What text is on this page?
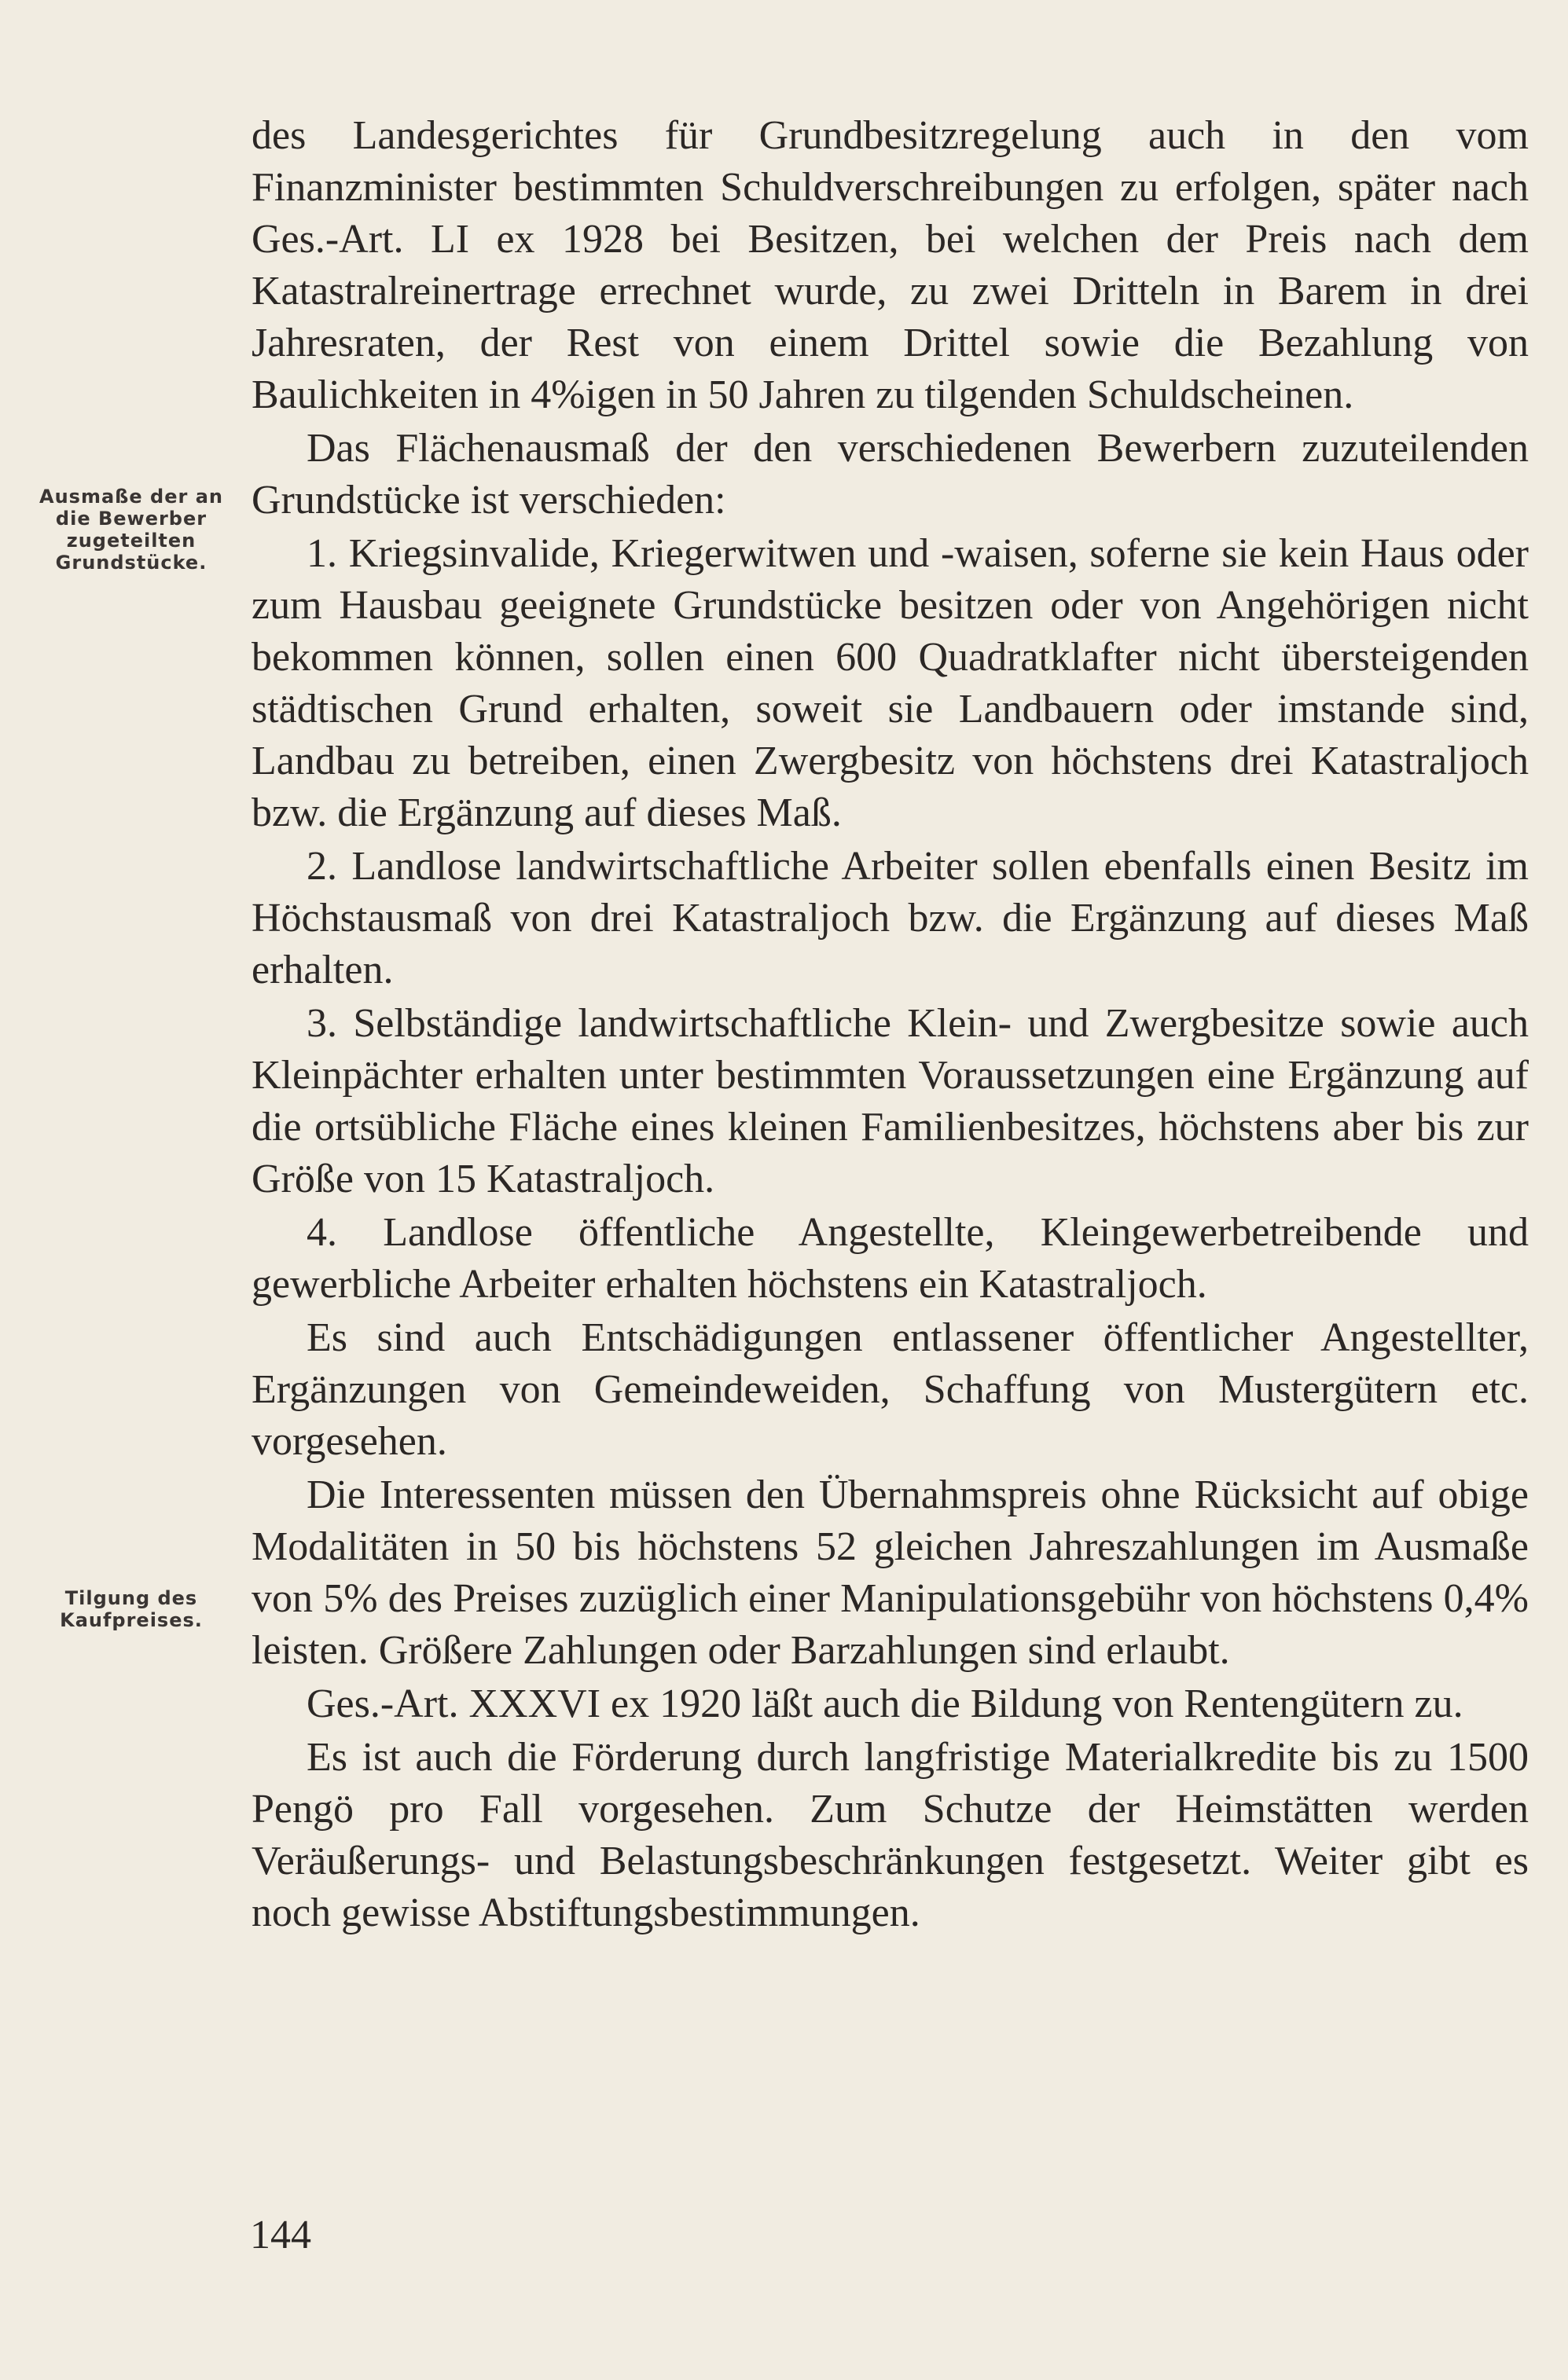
Ausmaße der an die Bewerber zugeteilten Grundstücke.
Tilgung des Kaufpreises.

des Landesgerichtes für Grundbesitzregelung auch in den vom Finanzminister bestimmten Schuldverschreibungen zu erfolgen, später nach Ges.-Art. LI ex 1928 bei Besitzen, bei welchen der Preis nach dem Katastralreinertrage errechnet wurde, zu zwei Dritteln in Barem in drei Jahresraten, der Rest von einem Drittel sowie die Bezahlung von Baulichkeiten in 4%igen in 50 Jahren zu tilgenden Schuldscheinen.

Das Flächenausmaß der den verschiedenen Bewerbern zuzuteilenden Grundstücke ist verschieden:

1. Kriegsinvalide, Kriegerwitwen und -waisen, soferne sie kein Haus oder zum Hausbau geeignete Grundstücke besitzen oder von Angehörigen nicht bekommen können, sollen einen 600 Quadratklafter nicht übersteigenden städtischen Grund erhalten, soweit sie Landbauern oder imstande sind, Landbau zu betreiben, einen Zwergbesitz von höchstens drei Katastraljoch bzw. die Ergänzung auf dieses Maß.

2. Landlose landwirtschaftliche Arbeiter sollen ebenfalls einen Besitz im Höchstausmaß von drei Katastraljoch bzw. die Ergänzung auf dieses Maß erhalten.

3. Selbständige landwirtschaftliche Klein- und Zwergbesitze sowie auch Kleinpächter erhalten unter bestimmten Voraussetzungen eine Ergänzung auf die ortsübliche Fläche eines kleinen Familienbesitzes, höchstens aber bis zur Größe von 15 Katastraljoch.

4. Landlose öffentliche Angestellte, Kleingewerbetreibende und gewerbliche Arbeiter erhalten höchstens ein Katastraljoch.

Es sind auch Entschädigungen entlassener öffentlicher Angestellter, Ergänzungen von Gemeindeweiden, Schaffung von Mustergütern etc. vorgesehen.

Die Interessenten müssen den Übernahmspreis ohne Rücksicht auf obige Modalitäten in 50 bis höchstens 52 gleichen Jahreszahlungen im Ausmaße von 5% des Preises zuzüglich einer Manipulationsgebühr von höchstens 0,4% leisten. Größere Zahlungen oder Barzahlungen sind erlaubt.

Ges.-Art. XXXVI ex 1920 läßt auch die Bildung von Rentengütern zu.

Es ist auch die Förderung durch langfristige Materialkredite bis zu 1500 Pengö pro Fall vorgesehen. Zum Schutze der Heimstätten werden Veräußerungs- und Belastungsbeschränkungen festgesetzt. Weiter gibt es noch gewisse Abstiftungsbestimmungen.

144
